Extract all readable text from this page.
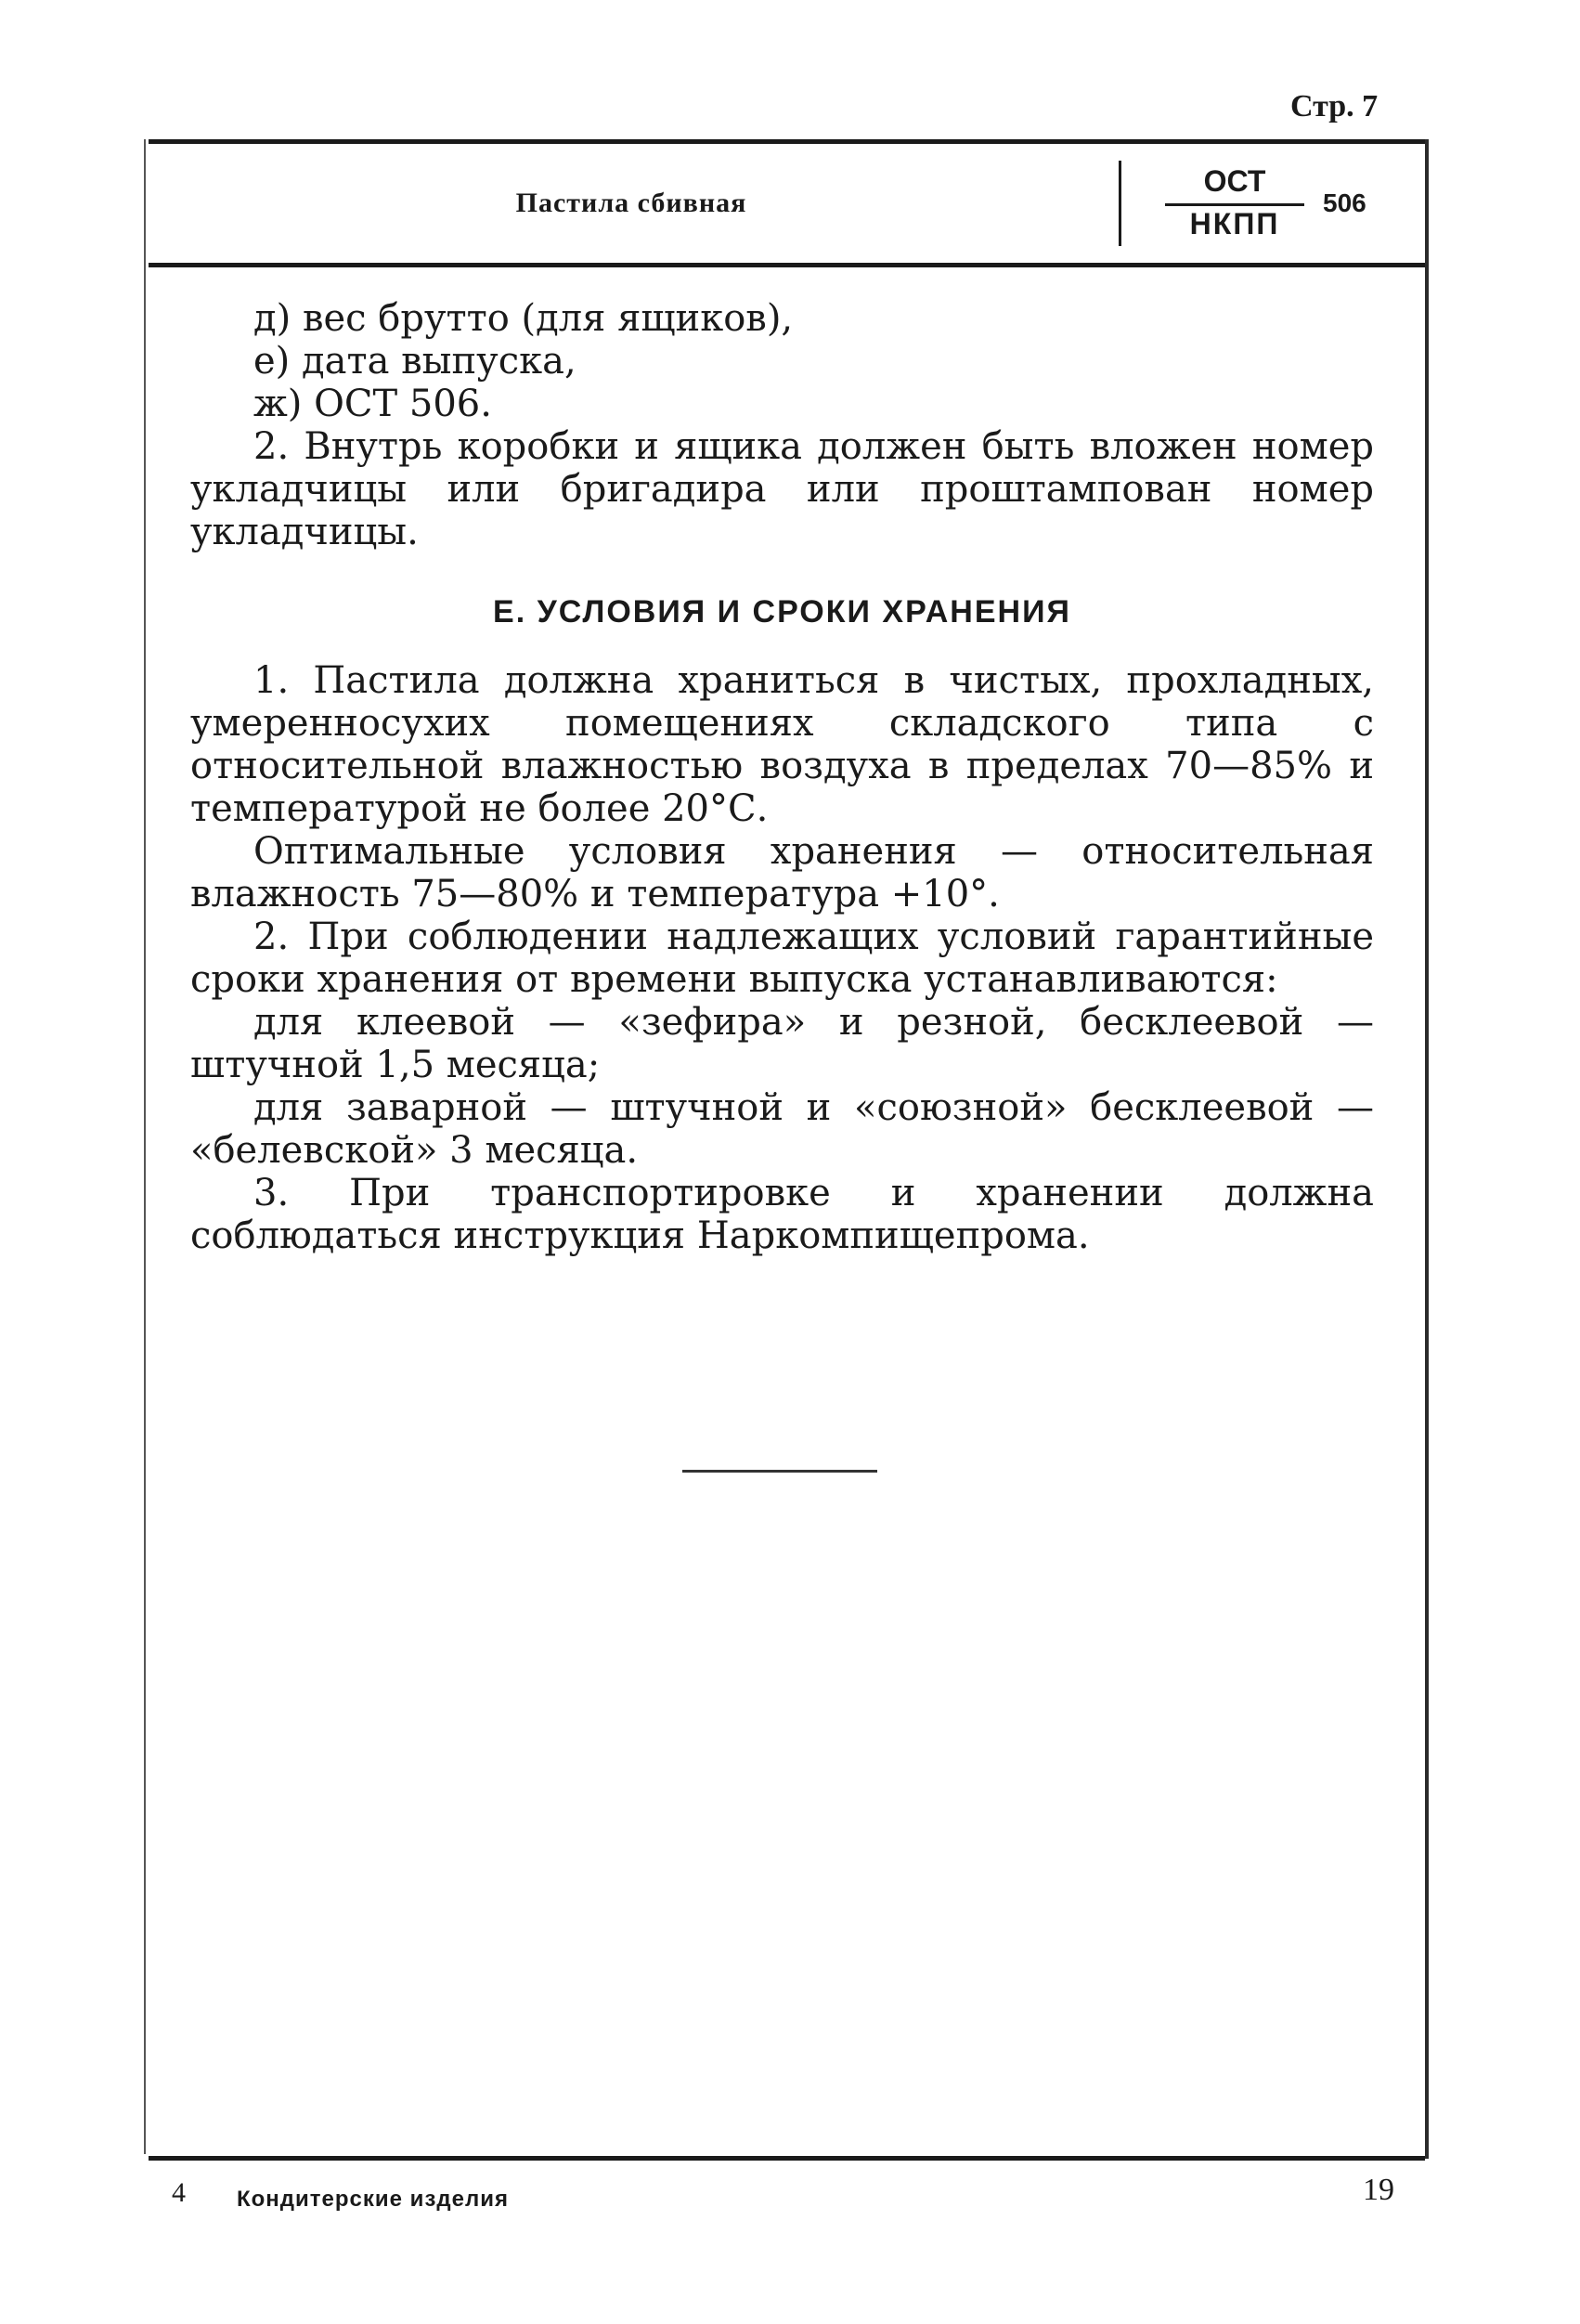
Стр. 7
Пастила сбивная
ОСТ
НКПП
506

д) вес брутто (для ящиков),

е) дата выпуска,

ж) ОСТ 506.

2. Внутрь коробки и ящика должен быть вложен номер укладчицы или бригадира или проштампован номер укладчицы.

Е. УСЛОВИЯ И СРОКИ ХРАНЕНИЯ

1. Пастила должна храниться в чистых, прохладных, умеренносухих помещениях складского типа с относительной влажностью воздуха в пределах 70—85% и температурой не более 20°С.

Оптимальные условия хранения — относительная влажность 75—80% и температура +10°.

2. При соблюдении надлежащих условий гарантийные сроки хранения от времени выпуска устанавливаются:

для клеевой — «зефира» и резной, бесклеевой — штучной 1,5 месяца;

для заварной — штучной и «союзной» бесклеевой — «белевской» 3 месяца.

3. При транспортировке и хранении должна соблюдаться инструкция Наркомпищепрома.

4 Кондитерские изделия	19
